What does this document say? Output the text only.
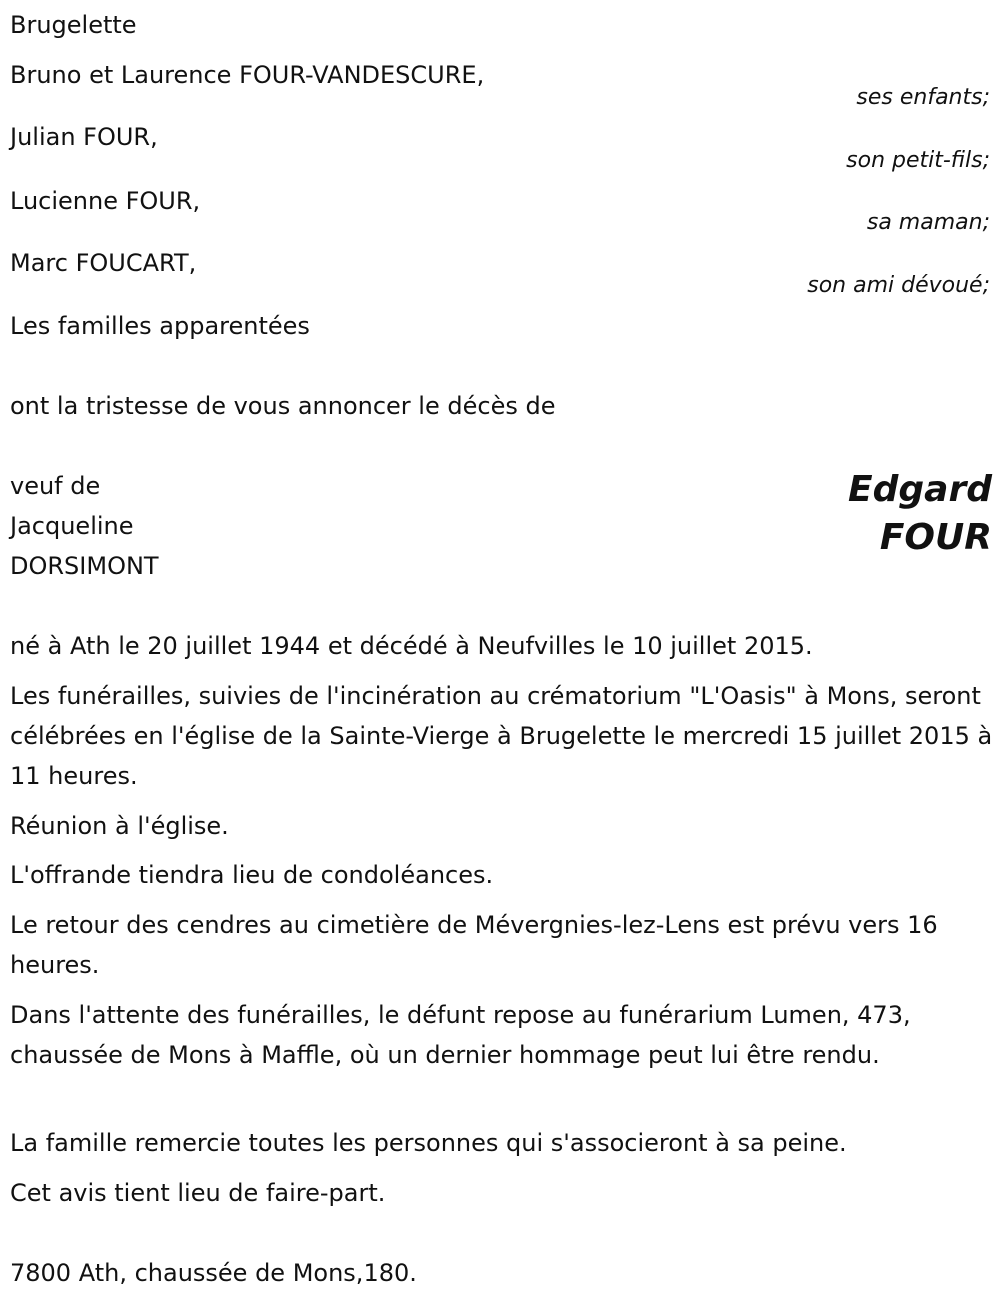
Brugelette
Bruno et Laurence FOUR-VANDESCURE,
ses enfants;
Julian FOUR,
son petit-fils;
Lucienne FOUR,
sa maman;
Marc FOUCART,
son ami dévoué;
Les familles apparentées
ont la tristesse de vous annoncer le décès de
veuf de
Jacqueline
DORSIMONT
Edgard
FOUR
né à Ath le 20 juillet 1944 et décédé à Neufvilles le 10 juillet 2015.
Les funérailles, suivies de l'incinération au crématorium "L'Oasis" à Mons, seront célébrées en l'église de la Sainte-Vierge à Brugelette le mercredi 15 juillet 2015 à 11 heures.
Réunion à l'église.
L'offrande tiendra lieu de condoléances.
Le retour des cendres au cimetière de Mévergnies-lez-Lens est prévu vers 16 heures.
Dans l'attente des funérailles, le défunt repose au funérarium Lumen, 473, chaussée de Mons à Maffle, où un dernier hommage peut lui être rendu.
La famille remercie toutes les personnes qui s'associeront à sa peine.
Cet avis tient lieu de faire-part.
7800 Ath, chaussée de Mons,180.
